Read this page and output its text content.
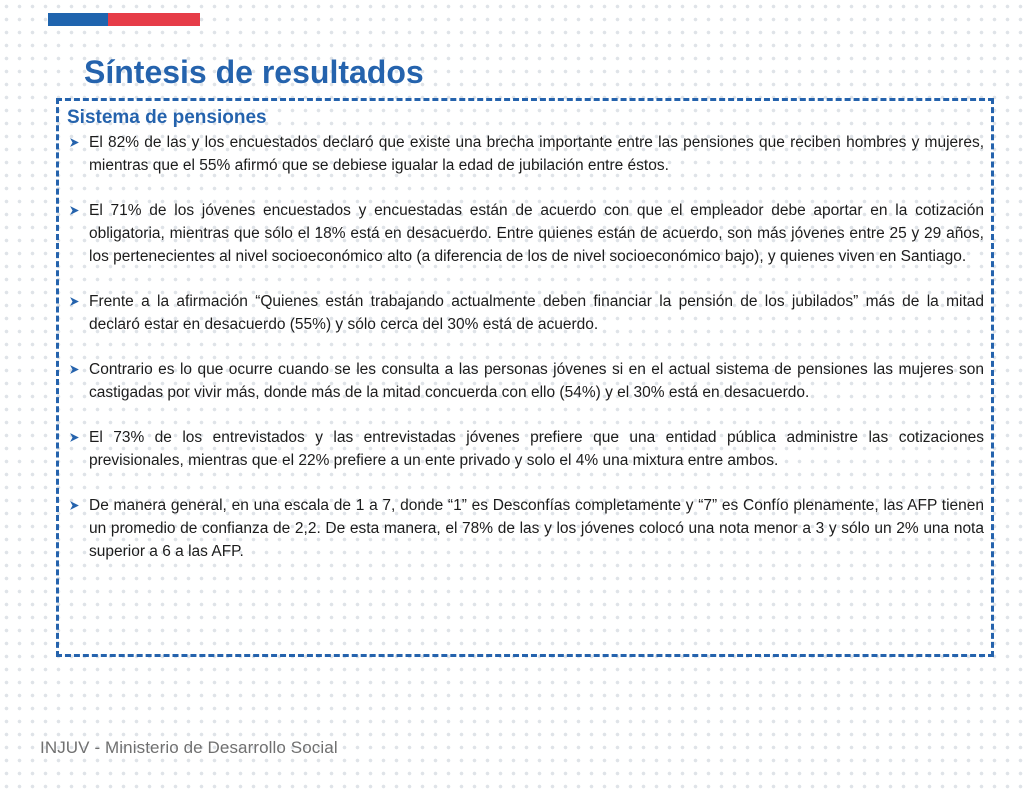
Síntesis de resultados
Sistema de pensiones
El 82% de las y los encuestados declaró que existe una brecha importante entre las pensiones que reciben hombres y mujeres, mientras que el 55% afirmó que se debiese igualar la edad de jubilación entre éstos.
El 71% de los jóvenes encuestados y encuestadas están de acuerdo con que el empleador debe aportar en la cotización obligatoria, mientras que sólo el 18% está en desacuerdo. Entre quienes están de acuerdo, son más jóvenes entre 25 y 29 años, los pertenecientes al nivel socioeconómico alto (a diferencia de los de nivel socioeconómico bajo), y quienes viven en Santiago.
Frente a la afirmación “Quienes están trabajando actualmente deben financiar la pensión de los jubilados” más de la mitad declaró estar en desacuerdo (55%) y sólo cerca del 30% está de acuerdo.
Contrario es lo que ocurre cuando se les consulta a las personas jóvenes si en el actual sistema de pensiones las mujeres son castigadas por vivir más, donde más de la mitad concuerda con ello (54%) y el 30% está en desacuerdo.
El 73% de los entrevistados y las entrevistadas jóvenes prefiere que una entidad pública administre las cotizaciones previsionales, mientras que el 22% prefiere a un ente privado y solo el 4% una mixtura entre ambos.
De manera general, en una escala de 1 a 7, donde “1” es Desconfías completamente y “7” es Confío plenamente, las AFP tienen un promedio de confianza de 2,2. De esta manera, el 78% de las y los jóvenes colocó una nota menor a 3 y sólo un 2% una nota superior a 6 a las AFP.
INJUV - Ministerio de Desarrollo Social
